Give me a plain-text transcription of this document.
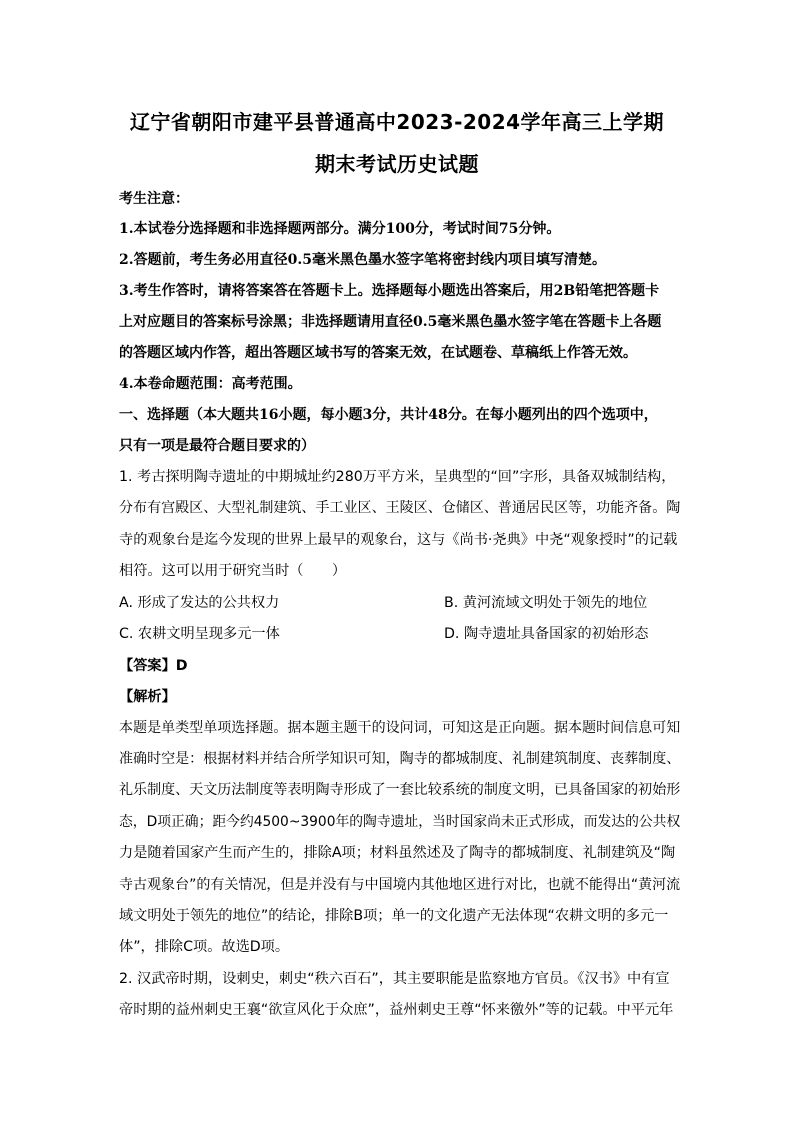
辽宁省朝阳市建平县普通高中2023-2024学年高三上学期
期末考试历史试题
考生注意：
1.本试卷分选择题和非选择题两部分。满分100分，考试时间75分钟。
2.答题前，考生务必用直径0.5毫米黑色墨水签字笔将密封线内项目填写清楚。
3.考生作答时，请将答案答在答题卡上。选择题每小题选出答案后，用2B铅笔把答题卡
上对应题目的答案标号涂黑；非选择题请用直径0.5毫米黑色墨水签字笔在答题卡上各题
的答题区域内作答，超出答题区域书写的答案无效，在试题卷、草稿纸上作答无效。
4.本卷命题范围：高考范围。
一、选择题（本大题共16小题，每小题3分，共计48分。在每小题列出的四个选项中，
只有一项是最符合题目要求的）
1. 考古探明陶寺遗址的中期城址约280万平方米，呈典型的“回”字形，具备双城制结构，
分布有宫殿区、大型礼制建筑、手工业区、王陵区、仓储区、普通居民区等，功能齐备。陶
寺的观象台是迄今发现的世界上最早的观象台，这与《尚书·尧典》中尧“观象授时”的记载
相符。这可以用于研究当时（　　）
A. 形成了发达的公共权力	B. 黄河流域文明处于领先的地位
C. 农耕文明呈现多元一体	D. 陶寺遗址具备国家的初始形态
【答案】D
【解析】
本题是单类型单项选择题。据本题主题干的设问词，可知这是正向题。据本题时间信息可知
准确时空是：根据材料并结合所学知识可知，陶寺的都城制度、礼制建筑制度、丧葬制度、
礼乐制度、天文历法制度等表明陶寺形成了一套比较系统的制度文明，已具备国家的初始形
态，D项正确；距今约4500~3900年的陶寺遗址，当时国家尚未正式形成，而发达的公共权
力是随着国家产生而产生的，排除A项；材料虽然述及了陶寺的都城制度、礼制建筑及“陶
寺古观象台”的有关情况，但是并没有与中国境内其他地区进行对比，也就不能得出“黄河流
域文明处于领先的地位”的结论，排除B项；单一的文化遗产无法体现“农耕文明的多元一
体”，排除C项。故选D项。
2. 汉武帝时期，设刺史，刺史“秩六百石”，其主要职能是监察地方官员。《汉书》中有宣
帝时期的益州刺史王襄“欲宣风化于众庶”，益州刺史王尊“怀来徼外”等的记载。中平元年
